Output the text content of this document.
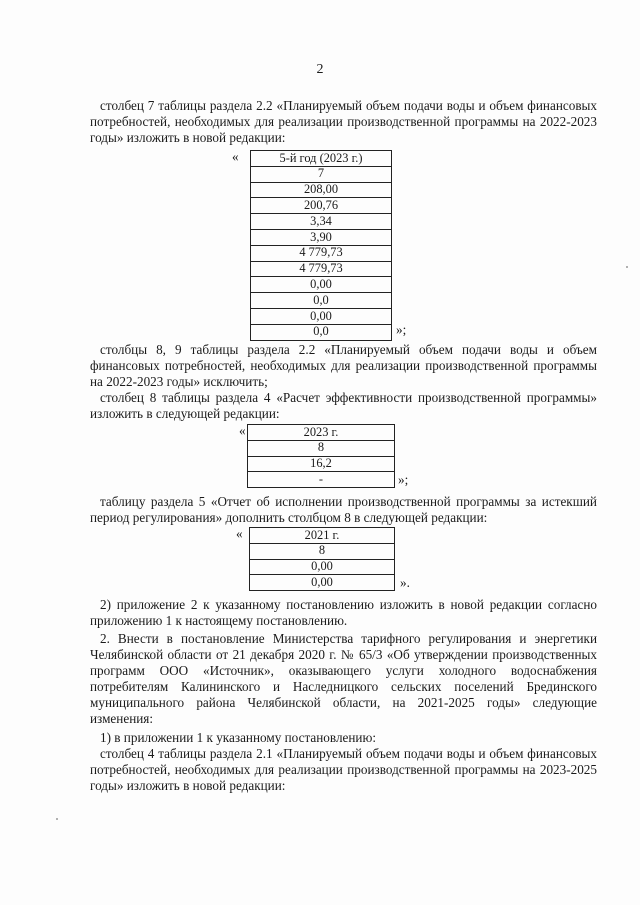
2
столбец 7 таблицы раздела 2.2 «Планируемый объем подачи воды и объем финансовых потребностей, необходимых для реализации производственной программы на 2022-2023 годы» изложить в новой редакции:
«	5-й год (2023 г.)
7
208,00
200,76
3,34
3,90
4 779,73
4 779,73
0,00
0,0
0,00
0,0	»;
столбцы 8, 9 таблицы раздела 2.2 «Планируемый объем подачи воды и объем финансовых потребностей, необходимых для реализации производственной программы на 2022-2023 годы» исключить;
столбец 8 таблицы раздела 4 «Расчет эффективности производственной программы» изложить в следующей редакции:
«	2023 г.
8
16,2
-	»;
таблицу раздела 5 «Отчет об исполнении производственной программы за истекший период регулирования» дополнить столбцом 8 в следующей редакции:
«	2021 г.
8
0,00
0,00	».
2) приложение 2 к указанному постановлению изложить в новой редакции согласно приложению 1 к настоящему постановлению.
2. Внести в постановление Министерства тарифного регулирования и энергетики Челябинской области от 21 декабря 2020 г. № 65/3 «Об утверждении производственных программ ООО «Источник», оказывающего услуги холодного водоснабжения потребителям Калининского и Наследницкого сельских поселений Брединского муниципального района Челябинской области, на 2021-2025 годы» следующие изменения:
1) в приложении 1 к указанному постановлению:
столбец 4 таблицы раздела 2.1 «Планируемый объем подачи воды и объем финансовых потребностей, необходимых для реализации производственной программы на 2023-2025 годы» изложить в новой редакции:
